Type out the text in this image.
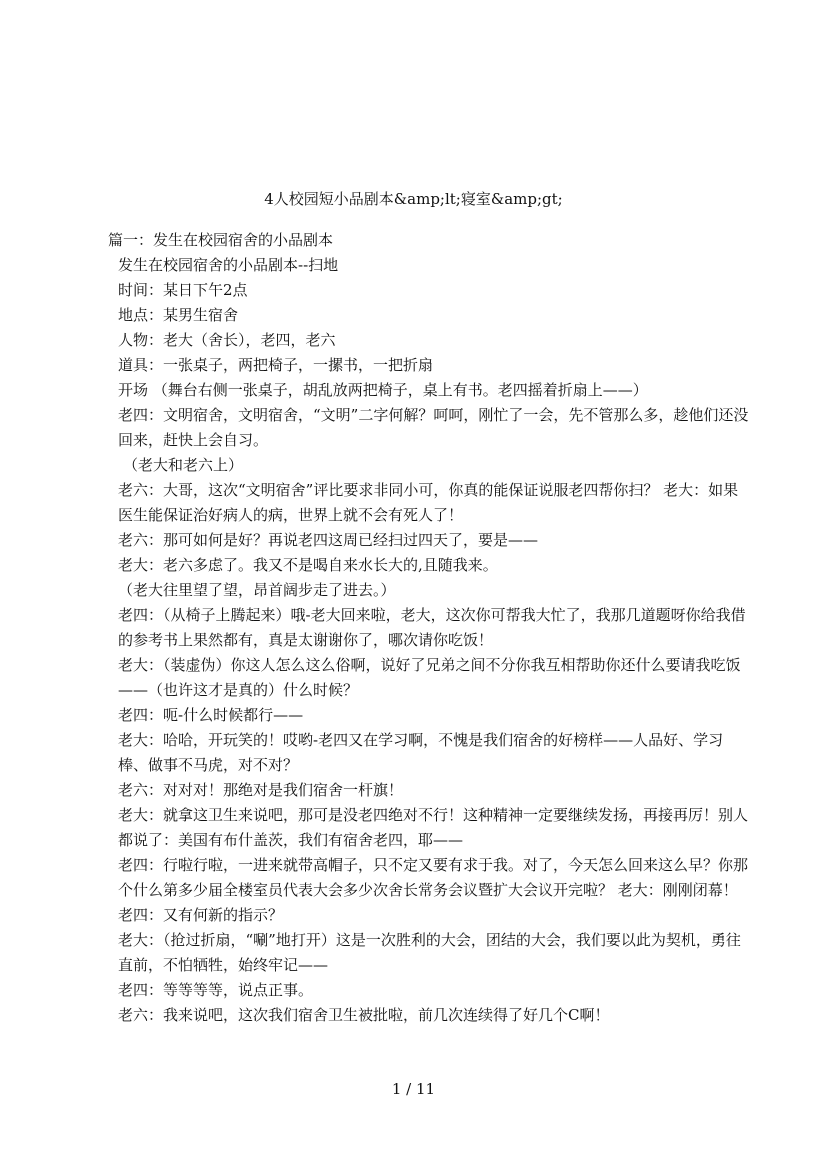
4人校园短小品剧本&amp;lt;寝室&amp;gt;

篇一：发生在校园宿舍的小品剧本

发生在校园宿舍的小品剧本--扫地

时间：某日下午2点

地点：某男生宿舍

人物：老大（舍长），老四，老六

道具：一张桌子，两把椅子，一摞书，一把折扇

开场 （舞台右侧一张桌子，胡乱放两把椅子，桌上有书。老四摇着折扇上——）

老四：文明宿舍，文明宿舍，“文明”二字何解？呵呵，刚忙了一会，先不管那么多，趁他们还没回来，赶快上会自习。

（老大和老六上）

老六：大哥，这次“文明宿舍”评比要求非同小可，你真的能保证说服老四帮你扫？ 老大：如果医生能保证治好病人的病，世界上就不会有死人了！

老六：那可如何是好？再说老四这周已经扫过四天了，要是——

老大：老六多虑了。我又不是喝自来水长大的,且随我来。

（老大往里望了望，昂首阔步走了进去。）

老四：（从椅子上腾起来）哦-老大回来啦，老大，这次你可帮我大忙了，我那几道题呀你给我借的参考书上果然都有，真是太谢谢你了，哪次请你吃饭！

老大：（装虚伪）你这人怎么这么俗啊，说好了兄弟之间不分你我互相帮助你还什么要请我吃饭——（也许这才是真的）什么时候？

老四：呃-什么时候都行——

老大：哈哈，开玩笑的！哎哟-老四又在学习啊，不愧是我们宿舍的好榜样——人品好、学习棒、做事不马虎，对不对？

老六：对对对！那绝对是我们宿舍一杆旗！

老大：就拿这卫生来说吧，那可是没老四绝对不行！这种精神一定要继续发扬，再接再厉！别人都说了：美国有布什盖茨，我们有宿舍老四，耶——

老四：行啦行啦，一进来就带高帽子，只不定又要有求于我。对了，今天怎么回来这么早？你那个什么第多少届全楼室员代表大会多少次舍长常务会议暨扩大会议开完啦？ 老大：刚刚闭幕！

老四：又有何新的指示？

老大：（抢过折扇，“唰”地打开）这是一次胜利的大会，团结的大会，我们要以此为契机，勇往直前，不怕牺牲，始终牢记——

老四：等等等等，说点正事。

老六：我来说吧，这次我们宿舍卫生被批啦，前几次连续得了好几个C啊！

1 / 11
